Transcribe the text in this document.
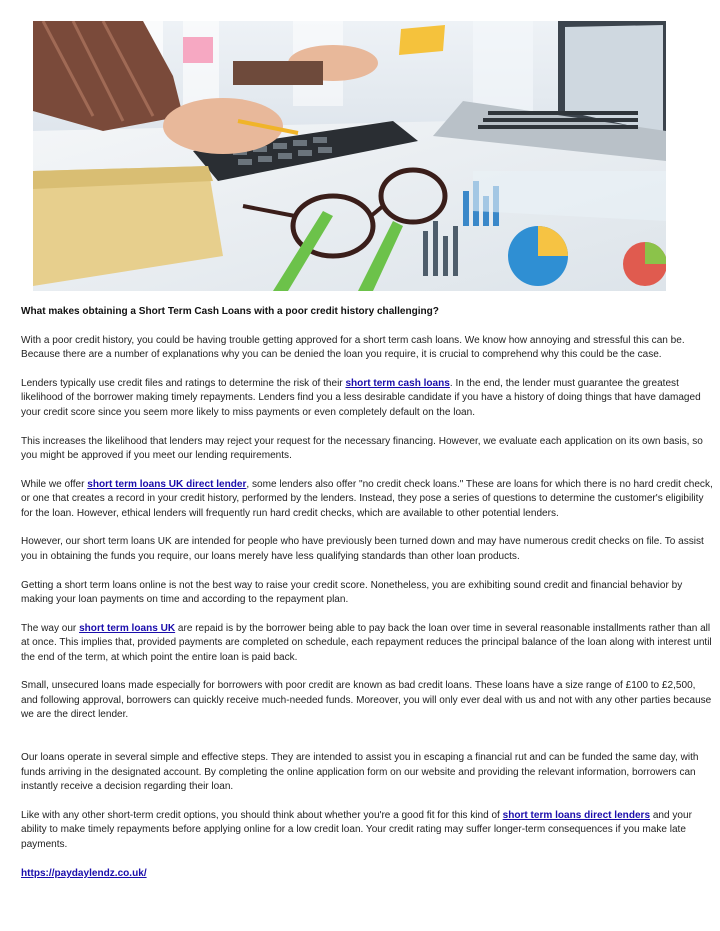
What makes obtaining a Short Term Cash Loans with a poor credit history challenging?

With a poor credit history, you could be having trouble getting approved for a short term cash loans. We know how annoying and stressful this can be. Because there are a number of explanations why you can be denied the loan you require, it is crucial to comprehend why this could be the case.

Lenders typically use credit files and ratings to determine the risk of their short term cash loans. In the end, the lender must guarantee the greatest likelihood of the borrower making timely repayments. Lenders find you a less desirable candidate if you have a history of doing things that have damaged your credit score since you seem more likely to miss payments or even completely default on the loan.

This increases the likelihood that lenders may reject your request for the necessary financing. However, we evaluate each application on its own basis, so you might be approved if you meet our lending requirements.

While we offer short term loans UK direct lender, some lenders also offer "no credit check loans." These are loans for which there is no hard credit check, or one that creates a record in your credit history, performed by the lenders. Instead, they pose a series of questions to determine the customer's eligibility for the loan. However, ethical lenders will frequently run hard credit checks, which are available to other potential lenders.

However, our short term loans UK are intended for people who have previously been turned down and may have numerous credit checks on file. To assist you in obtaining the funds you require, our loans merely have less qualifying standards than other loan products.

Getting a short term loans online is not the best way to raise your credit score. Nonetheless, you are exhibiting sound credit and financial behavior by making your loan payments on time and according to the repayment plan.

The way our short term loans UK are repaid is by the borrower being able to pay back the loan over time in several reasonable installments rather than all at once. This implies that, provided payments are completed on schedule, each repayment reduces the principal balance of the loan along with interest until the end of the term, at which point the entire loan is paid back.

Small, unsecured loans made especially for borrowers with poor credit are known as bad credit loans. These loans have a size range of £100 to £2,500, and following approval, borrowers can quickly receive much-needed funds. Moreover, you will only ever deal with us and not with any other parties because we are the direct lender.

Our loans operate in several simple and effective steps. They are intended to assist you in escaping a financial rut and can be funded the same day, with funds arriving in the designated account. By completing the online application form on our website and providing the relevant information, borrowers can instantly receive a decision regarding their loan.

Like with any other short-term credit options, you should think about whether you're a good fit for this kind of short term loans direct lenders and your ability to make timely repayments before applying online for a low credit loan. Your credit rating may suffer longer-term consequences if you make late payments.

https://paydaylendz.co.uk/
